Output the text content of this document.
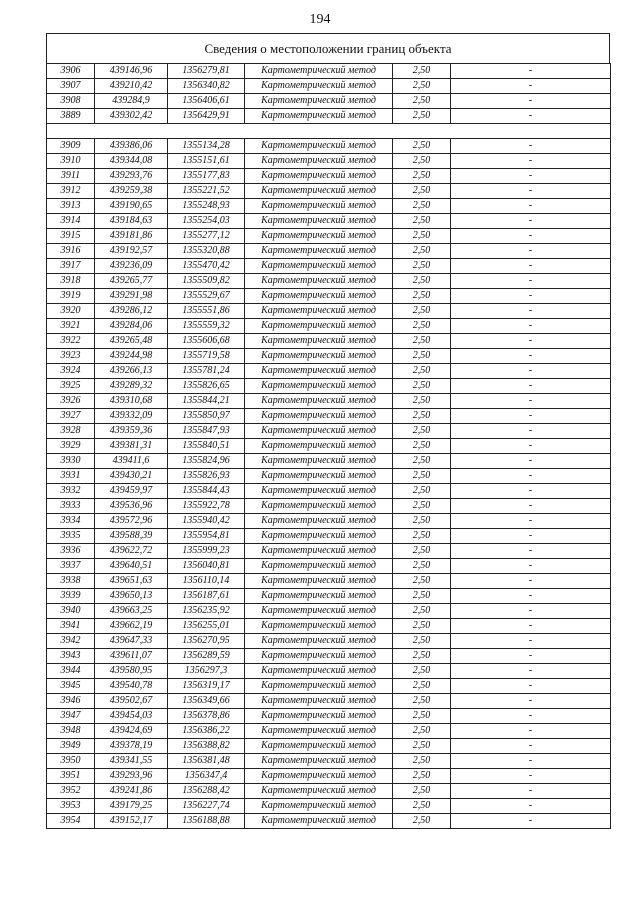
194
Сведения о местоположении границ объекта
3906	439146,96	1356279,81	Картометрический метод	2,50	-
3907	439210,42	1356340,82	Картометрический метод	2,50	-
3908	439284,9	1356406,61	Картометрический метод	2,50	-
3889	439302,42	1356429,91	Картометрический метод	2,50	-

3909	439386,06	1355134,28	Картометрический метод	2,50	-
3910	439344,08	1355151,61	Картометрический метод	2,50	-
3911	439293,76	1355177,83	Картометрический метод	2,50	-
3912	439259,38	1355221,52	Картометрический метод	2,50	-
3913	439190,65	1355248,93	Картометрический метод	2,50	-
3914	439184,63	1355254,03	Картометрический метод	2,50	-
3915	439181,86	1355277,12	Картометрический метод	2,50	-
3916	439192,57	1355320,88	Картометрический метод	2,50	-
3917	439236,09	1355470,42	Картометрический метод	2,50	-
3918	439265,77	1355509,82	Картометрический метод	2,50	-
3919	439291,98	1355529,67	Картометрический метод	2,50	-
3920	439286,12	1355551,86	Картометрический метод	2,50	-
3921	439284,06	1355559,32	Картометрический метод	2,50	-
3922	439265,48	1355606,68	Картометрический метод	2,50	-
3923	439244,98	1355719,58	Картометрический метод	2,50	-
3924	439266,13	1355781,24	Картометрический метод	2,50	-
3925	439289,32	1355826,65	Картометрический метод	2,50	-
3926	439310,68	1355844,21	Картометрический метод	2,50	-
3927	439332,09	1355850,97	Картометрический метод	2,50	-
3928	439359,36	1355847,93	Картометрический метод	2,50	-
3929	439381,31	1355840,51	Картометрический метод	2,50	-
3930	439411,6	1355824,96	Картометрический метод	2,50	-
3931	439430,21	1355826,93	Картометрический метод	2,50	-
3932	439459,97	1355844,43	Картометрический метод	2,50	-
3933	439536,96	1355922,78	Картометрический метод	2,50	-
3934	439572,96	1355940,42	Картометрический метод	2,50	-
3935	439588,39	1355954,81	Картометрический метод	2,50	-
3936	439622,72	1355999,23	Картометрический метод	2,50	-
3937	439640,51	1356040,81	Картометрический метод	2,50	-
3938	439651,63	1356110,14	Картометрический метод	2,50	-
3939	439650,13	1356187,61	Картометрический метод	2,50	-
3940	439663,25	1356235,92	Картометрический метод	2,50	-
3941	439662,19	1356255,01	Картометрический метод	2,50	-
3942	439647,33	1356270,95	Картометрический метод	2,50	-
3943	439611,07	1356289,59	Картометрический метод	2,50	-
3944	439580,95	1356297,3	Картометрический метод	2,50	-
3945	439540,78	1356319,17	Картометрический метод	2,50	-
3946	439502,67	1356349,66	Картометрический метод	2,50	-
3947	439454,03	1356378,86	Картометрический метод	2,50	-
3948	439424,69	1356386,22	Картометрический метод	2,50	-
3949	439378,19	1356388,82	Картометрический метод	2,50	-
3950	439341,55	1356381,48	Картометрический метод	2,50	-
3951	439293,96	1356347,4	Картометрический метод	2,50	-
3952	439241,86	1356288,42	Картометрический метод	2,50	-
3953	439179,25	1356227,74	Картометрический метод	2,50	-
3954	439152,17	1356188,88	Картометрический метод	2,50	-
